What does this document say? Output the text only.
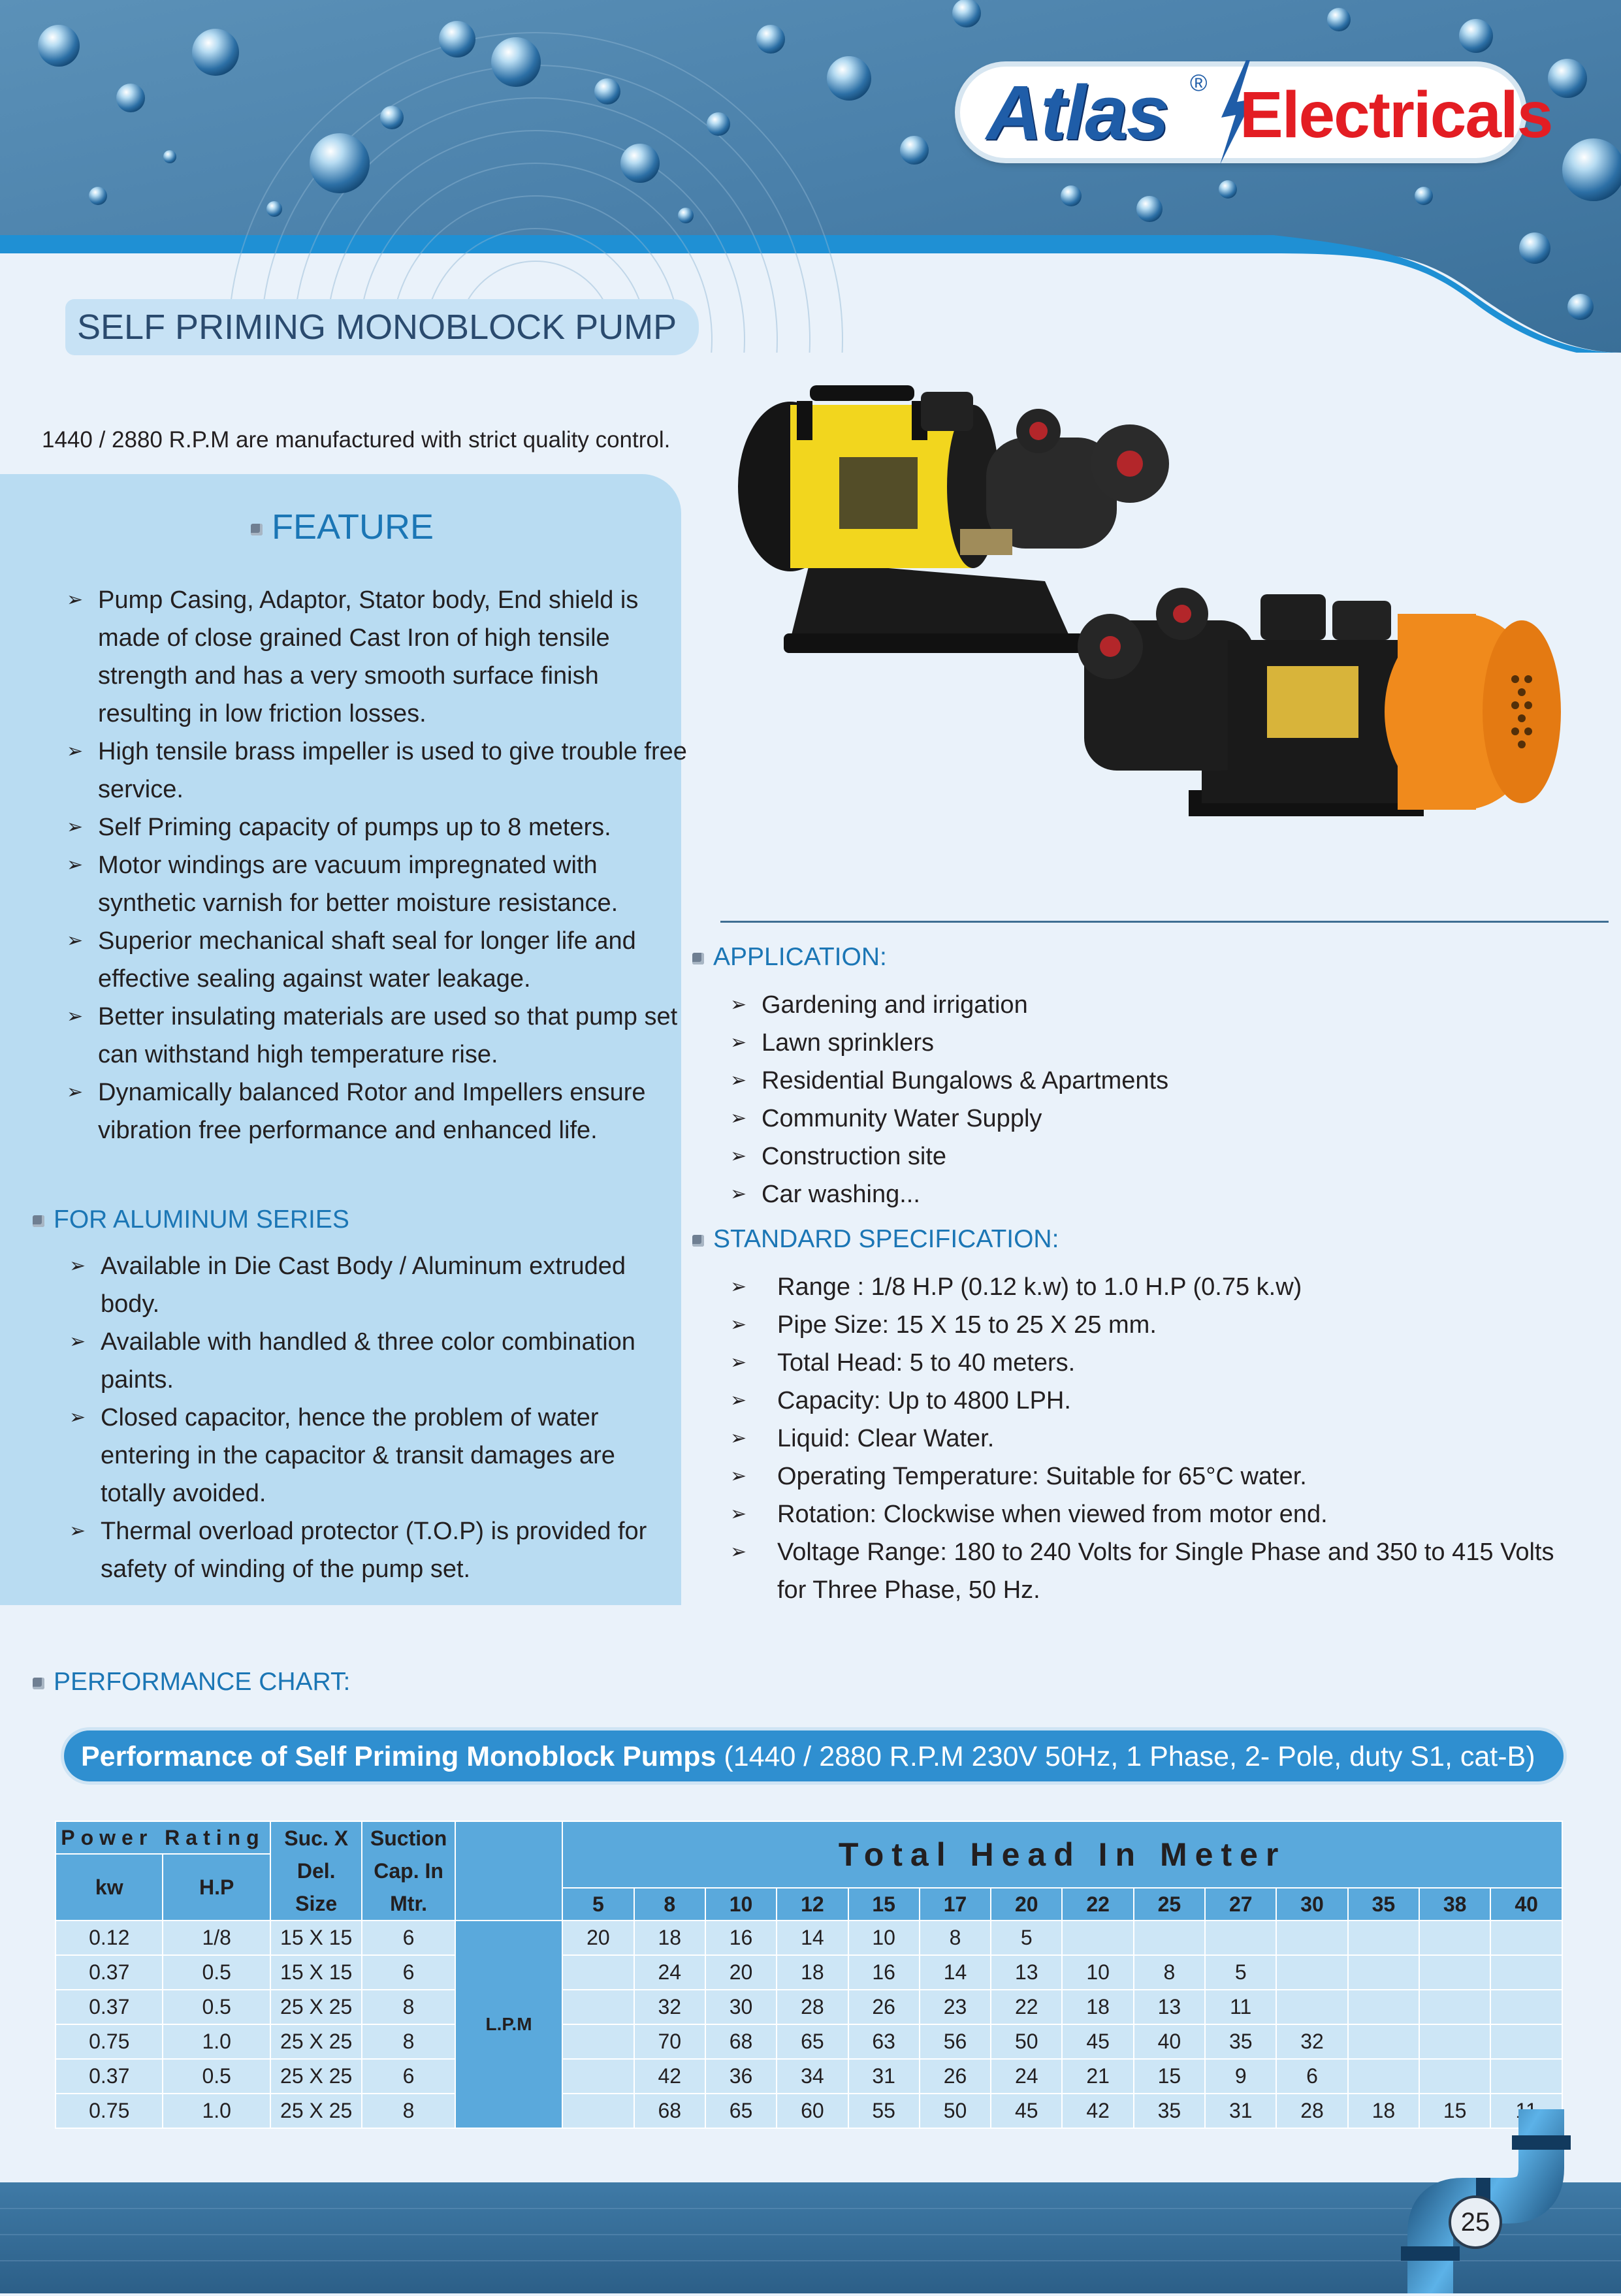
Atlas ® Electricals
SELF PRIMING MONOBLOCK PUMP
1440 / 2880 R.P.M are manufactured with strict quality control.
FEATURE
➢ Pump Casing, Adaptor, Stator body, End shield is made of close grained Cast Iron of high tensile strength and has a very smooth surface finish resulting in low friction losses.
➢ High tensile brass impeller is used to give trouble free service.
➢ Self Priming capacity of pumps up to 8 meters.
➢ Motor windings are vacuum impregnated with synthetic varnish for better moisture resistance.
➢ Superior mechanical shaft seal for longer life and effective sealing against water leakage.
➢ Better insulating materials are used so that pump set can withstand high temperature rise.
➢ Dynamically balanced Rotor and Impellers ensure vibration free performance and enhanced life.
FOR ALUMINUM SERIES
➢ Available in Die Cast Body / Aluminum extruded body.
➢ Available with handled & three color combination paints.
➢ Closed capacitor, hence the problem of water entering in the capacitor & transit damages are totally avoided.
➢ Thermal overload protector (T.O.P) is provided for safety of winding of the pump set.
APPLICATION:
➢ Gardening and irrigation
➢ Lawn sprinklers
➢ Residential Bungalows & Apartments
➢ Community Water Supply
➢ Construction site
➢ Car washing...
STANDARD SPECIFICATION:
➢ Range : 1/8 H.P (0.12 k.w) to 1.0 H.P (0.75 k.w)
➢ Pipe Size: 15 X 15 to 25 X 25 mm.
➢ Total Head: 5 to 40 meters.
➢ Capacity: Up to 4800 LPH.
➢ Liquid: Clear Water.
➢ Operating Temperature: Suitable for 65°C water.
➢ Rotation: Clockwise when viewed from motor end.
➢ Voltage Range: 180 to 240 Volts for Single Phase and 350 to 415 Volts for Three Phase, 50 Hz.
PERFORMANCE CHART:
Performance of Self Priming Monoblock Pumps (1440 / 2880 R.P.M 230V 50Hz, 1 Phase, 2- Pole, duty S1, cat-B)
Power Rating		Suc. X
Del.
Size	Suction
Cap. In
Mtr.		Total Head In Meter													
kw	H.P																	
					5	8	10	12	15	17	20	22	25	27	30	35	38	40
0.12	1/8	15 X 15	6	L.P.M	20	18	16	14	10	8	5							
0.37	0.5	15 X 15	6			24	20	18	16	14	13	10	8	5				
0.37	0.5	25 X 25	8			32	30	28	26	23	22	18	13	11				
0.75	1.0	25 X 25	8			70	68	65	63	56	50	45	40	35	32			
0.37	0.5	25 X 25	6			42	36	34	31	26	24	21	15	9	6			
0.75	1.0	25 X 25	8			68	65	60	55	50	45	42	35	31	28	18	15	11
25
